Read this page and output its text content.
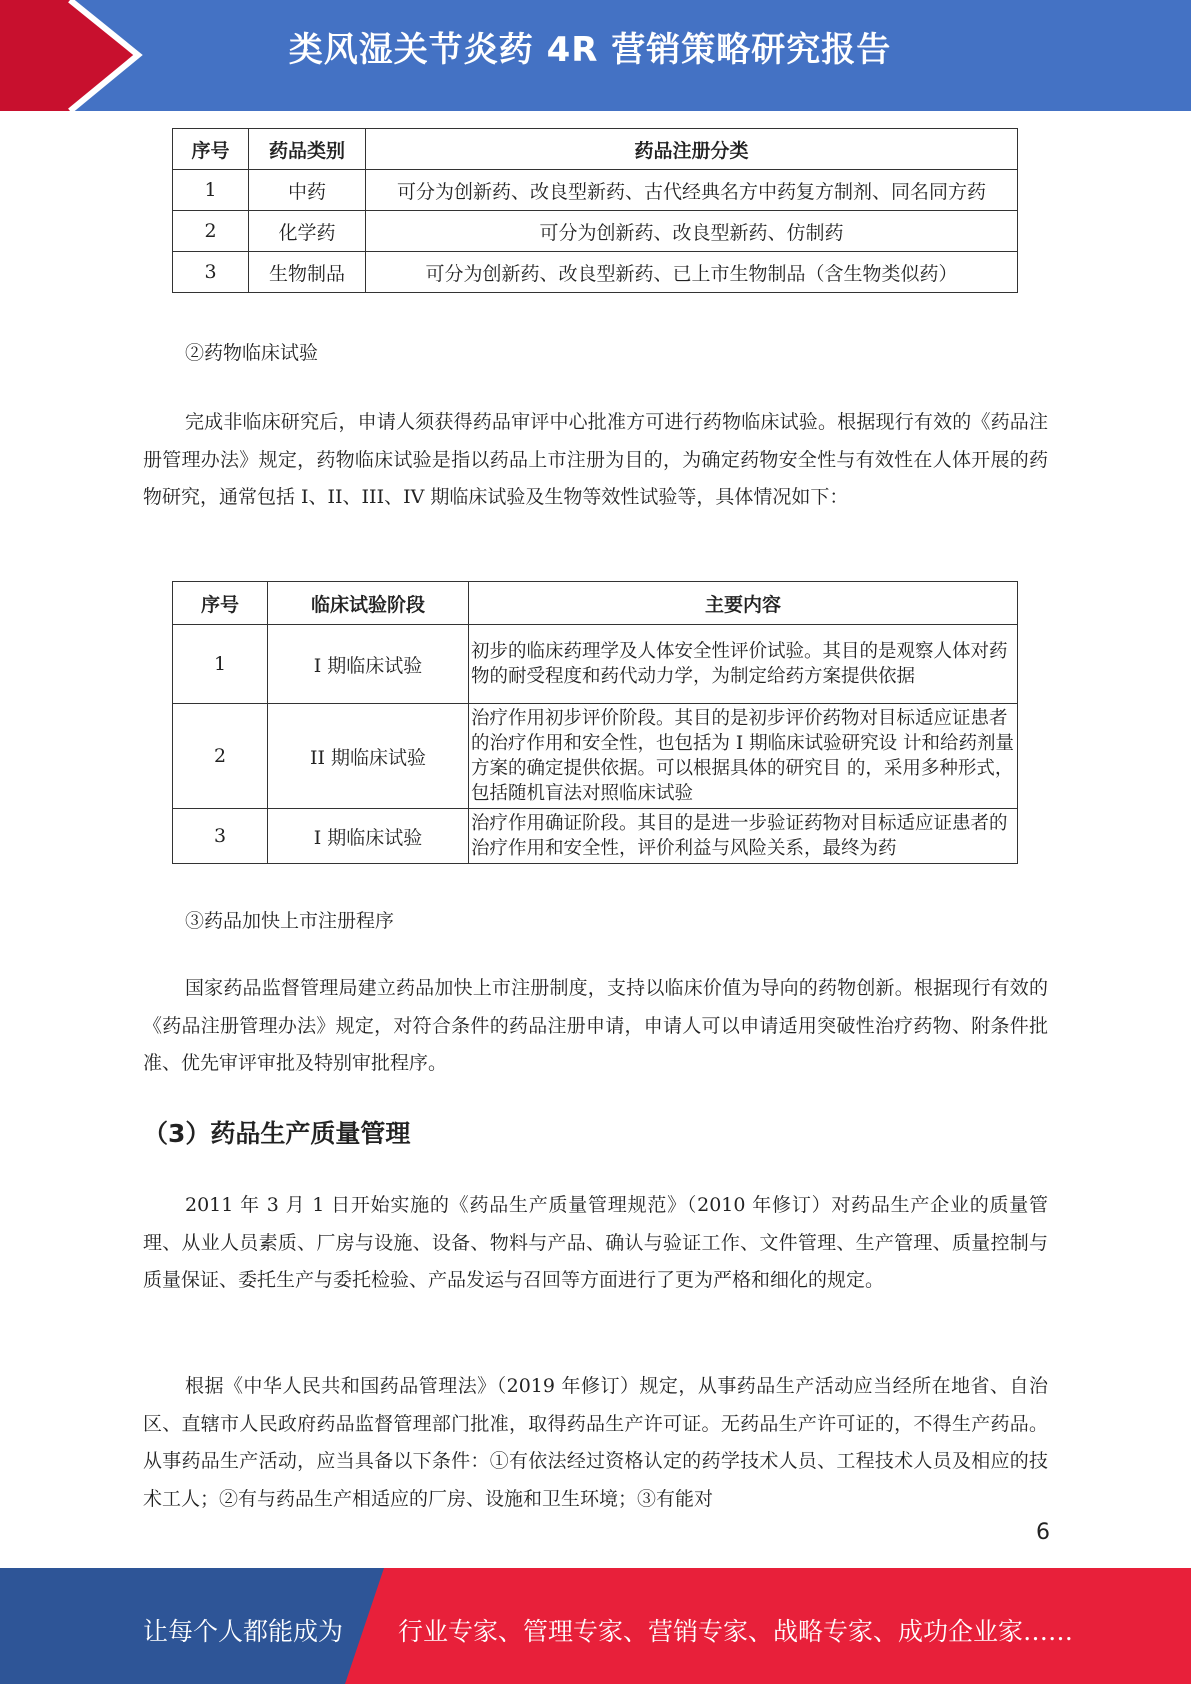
类风湿关节炎药 4R 营销策略研究报告
序号	药品类别	药品注册分类
1	中药	可分为创新药、改良型新药、古代经典名方中药复方制剂、同名同方药
2	化学药	可分为创新药、改良型新药、仿制药
3	生物制品	可分为创新药、改良型新药、已上市生物制品（含生物类似药）
②药物临床试验

完成非临床研究后，申请人须获得药品审评中心批准方可进行药物临床试验。根据现行有效的《药品注册管理办法》规定，药物临床试验是指以药品上市注册为目的，为确定药物安全性与有效性在人体开展的药物研究，通常包括 I、II、III、IV 期临床试验及生物等效性试验等，具体情况如下：

序号	临床试验阶段	主要内容
1	I 期临床试验	初步的临床药理学及人体安全性评价试验。其目的是观察人体对药物的耐受程度和药代动力学，为制定给药方案提供依据
2	II 期临床试验	治疗作用初步评价阶段。其目的是初步评价药物对目标适应证患者的治疗作用和安全性，也包括为 I 期临床试验研究设 计和给药剂量方案的确定提供依据。可以根据具体的研究目 的，采用多种形式，包括随机盲法对照临床试验
3	I 期临床试验	治疗作用确证阶段。其目的是进一步验证药物对目标适应证患者的治疗作用和安全性，评价利益与风险关系，最终为药
③药品加快上市注册程序

国家药品监督管理局建立药品加快上市注册制度，支持以临床价值为导向的药物创新。根据现行有效的《药品注册管理办法》规定，对符合条件的药品注册申请，申请人可以申请适用突破性治疗药物、附条件批准、优先审评审批及特别审批程序。

（3）药品生产质量管理

2011 年 3 月 1 日开始实施的《药品生产质量管理规范》（2010 年修订）对药品生产企业的质量管理、从业人员素质、厂房与设施、设备、物料与产品、确认与验证工作、文件管理、生产管理、质量控制与质量保证、委托生产与委托检验、产品发运与召回等方面进行了更为严格和细化的规定。

根据《中华人民共和国药品管理法》（2019 年修订）规定，从事药品生产活动应当经所在地省、自治区、直辖市人民政府药品监督管理部门批准，取得药品生产许可证。无药品生产许可证的，不得生产药品。从事药品生产活动，应当具备以下条件：①有依法经过资格认定的药学技术人员、工程技术人员及相应的技术工人；②有与药品生产相适应的厂房、设施和卫生环境；③有能对

6
让每个人都能成为 行业专家、管理专家、营销专家、战略专家、成功企业家……
